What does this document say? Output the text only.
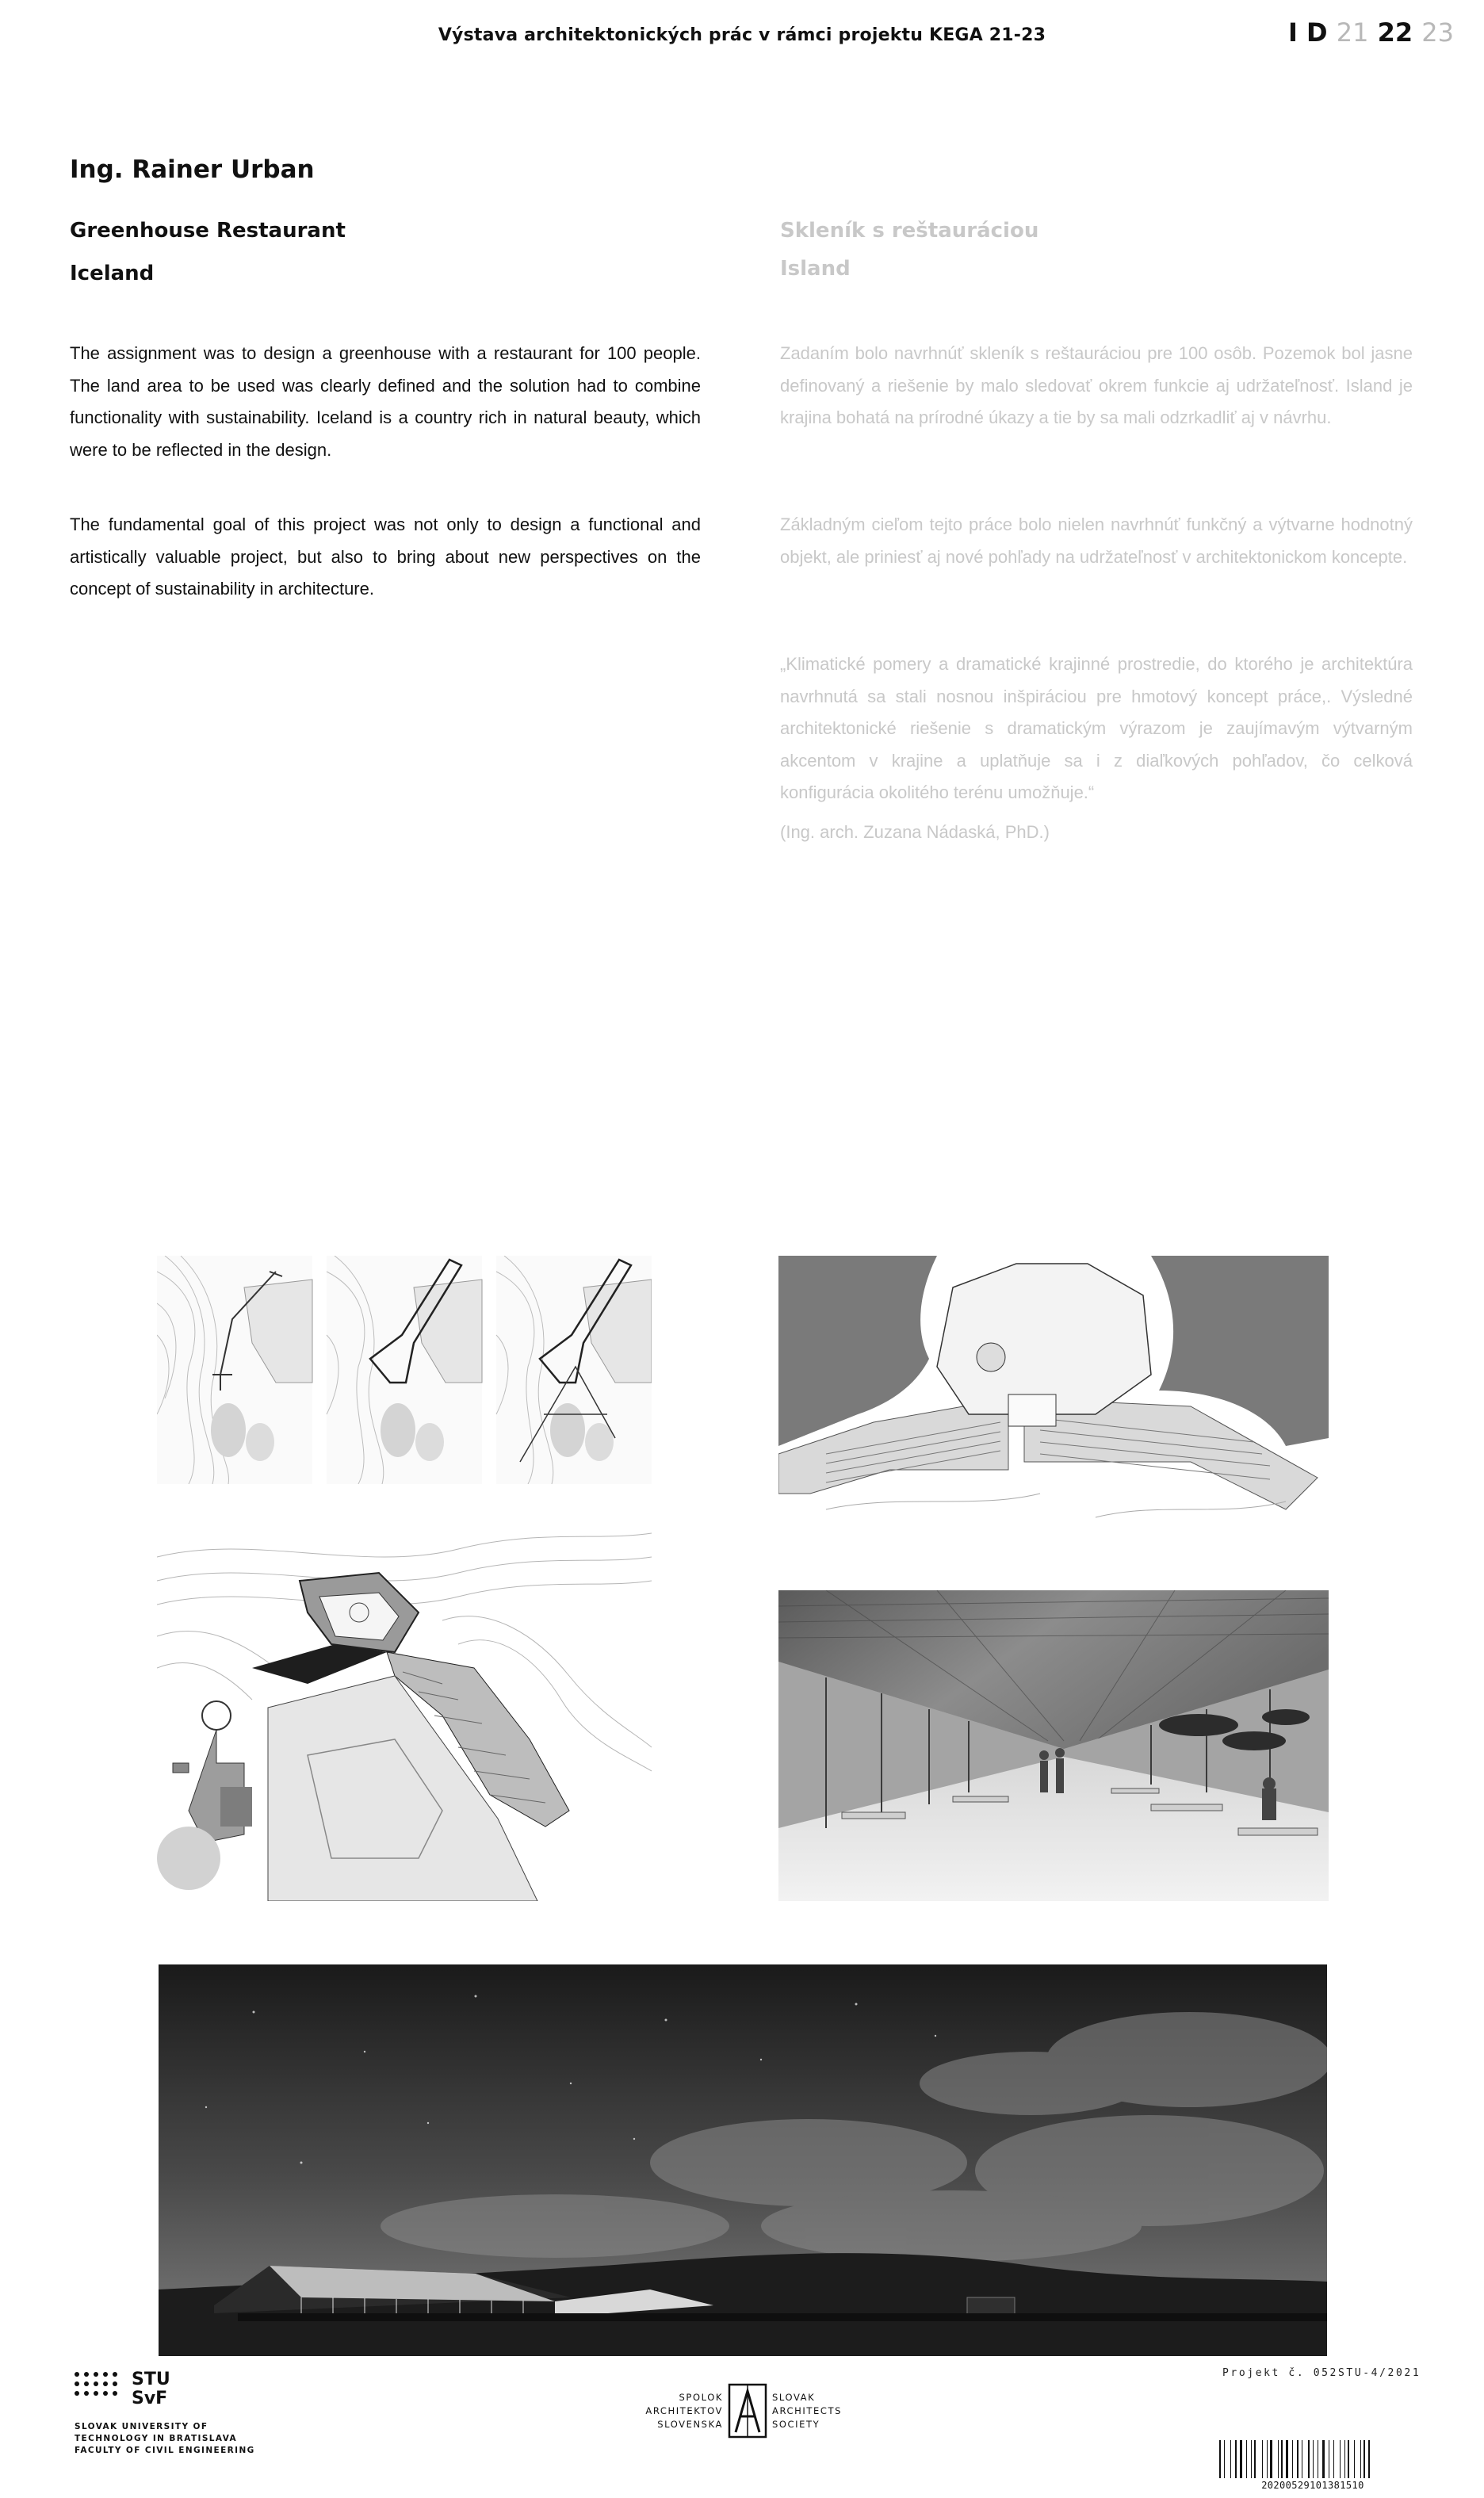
Výstava architektonických prác v rámci projektu KEGA 21-23	I D 21 22 23
Ing. Rainer Urban
Greenhouse Restaurant
Iceland

The assignment was to design a greenhouse with a restaurant for 100 people. The land area to be used was clearly defined and the solution had to combine functionality with sustainability. Iceland is a country rich in natural beauty, which were to be reflected in the design.

The fundamental goal of this project was not only to design a functional and artistically valuable project, but also to bring about new perspectives on the concept of sustainability in architecture.

Skleník s reštauráciou
Island

Zadaním bolo navrhnúť skleník s reštauráciou pre 100 osôb. Pozemok bol jasne definovaný a riešenie by malo sledovať okrem funkcie aj udržateľnosť. Island je krajina bohatá na prírodné úkazy a tie by sa mali odzrkadliť aj v návrhu.

Základným cieľom tejto práce bolo nielen navrhnúť funkčný a výtvarne hodnotný objekt, ale priniesť aj nové pohľady na udržateľnosť v architektonickom koncepte.

„Klimatické pomery a dramatické krajinné prostredie, do ktorého je architektúra navrhnutá sa stali nosnou inšpiráciou pre hmotový koncept práce,. Výsledné architektonické riešenie s dramatickým výrazom je zaujímavým výtvarným akcentom v krajine a uplatňuje sa i z diaľkových pohľadov, čo celková konfigurácia okolitého terénu umožňuje.“

(Ing. arch. Zuzana Nádaská, PhD.)

STU
SvF
SLOVAK UNIVERSITY OF
TECHNOLOGY IN BRATISLAVA
FACULTY OF CIVIL ENGINEERING
SPOLOK
ARCHITEKTOV
SLOVENSKA
SLOVAK
ARCHITECTS
SOCIETY
Projekt č. 052STU-4/2021
20200529101381510
